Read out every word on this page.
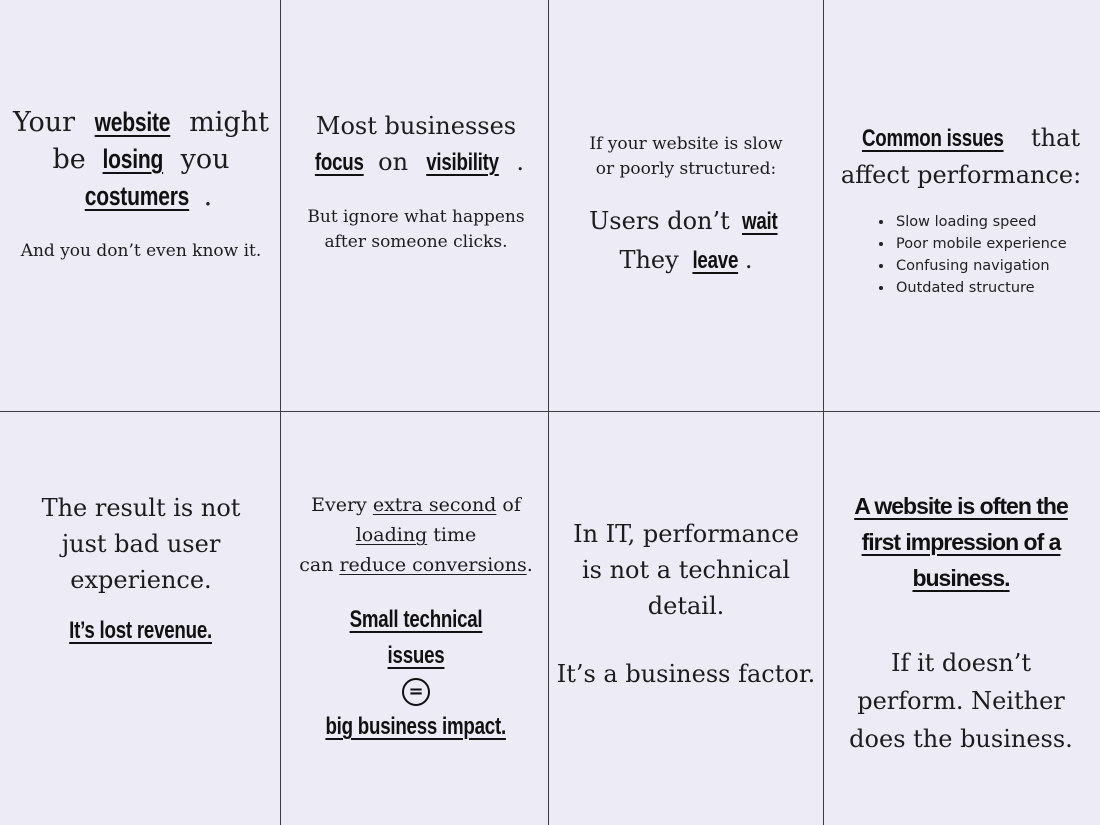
Your website might
be losing you
costumers .
And you don’t even know it.
Most businesses
focus on visibility .
But ignore what happens after someone clicks.
If your website is slow or poorly structured:
Users don’t wait
They leave .
Common issues that
affect performance:
• Slow loading speed
• Poor mobile experience
• Confusing navigation
• Outdated structure
The result is not just bad user experience.
It’s lost revenue.
Every extra second of
loading time
can reduce conversions.
Small technical issues
=
big business impact.
In IT, performance is not a technical detail.
It’s a business factor.
A website is often the first impression of a business.
If it doesn’t perform. Neither does the business.
